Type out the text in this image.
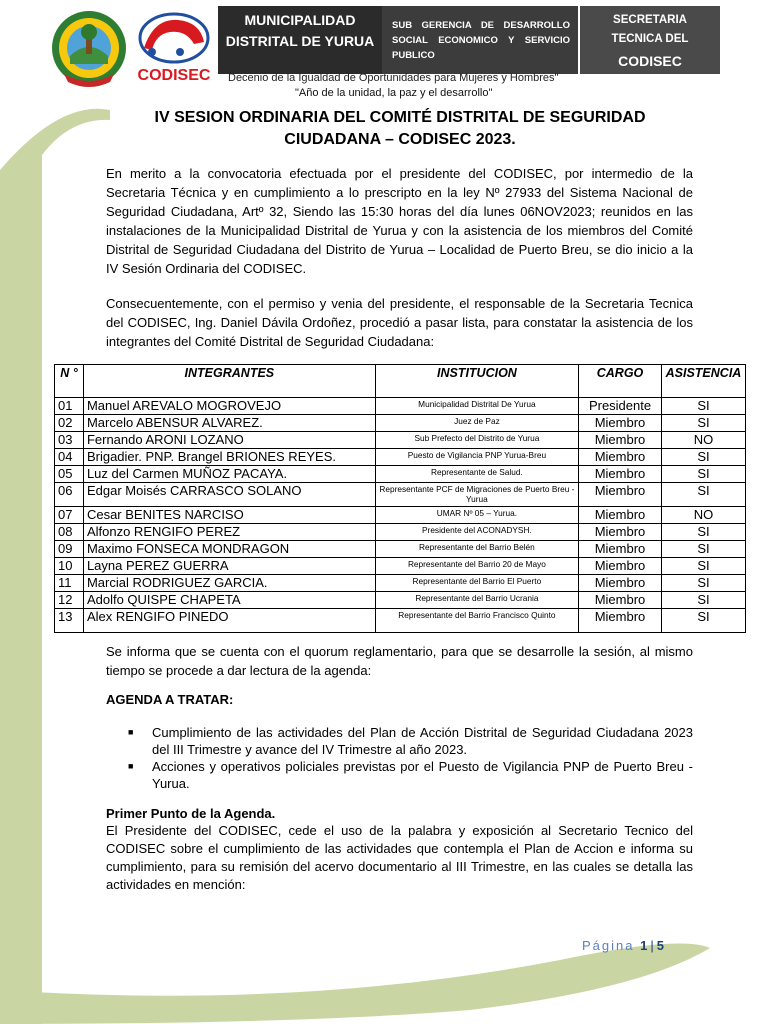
CODISEC
MUNICIPALIDAD DISTRITAL DE YURUA
SUB GERENCIA DE DESARROLLO SOCIAL ECONOMICO Y SERVICIO PUBLICO
SECRETARIA
TECNICA DEL
CODISEC
Decenio de la Igualdad de Oportunidades para Mujeres y Hombres"
"Año de la unidad, la paz y el desarrollo"
IV SESION ORDINARIA DEL COMITÉ DISTRITAL DE SEGURIDAD CIUDADANA – CODISEC 2023.
En merito a la convocatoria efectuada por el presidente del CODISEC, por intermedio de la Secretaria Técnica y en cumplimiento a lo prescripto en la ley Nº 27933 del Sistema Nacional de Seguridad Ciudadana, Artº 32, Siendo las 15:30 horas del día lunes 06NOV2023; reunidos en las instalaciones de la Municipalidad Distrital de Yurua y con la asistencia de los miembros del Comité Distrital de Seguridad Ciudadana del Distrito de Yurua – Localidad de Puerto Breu, se dio inicio a la IV Sesión Ordinaria del CODISEC.
Consecuentemente, con el permiso y venia del presidente, el responsable de la Secretaria Tecnica del CODISEC, Ing. Daniel Dávila Ordoñez, procedió a pasar lista, para constatar la asistencia de los integrantes del Comité Distrital de Seguridad Ciudadana:
N °	INTEGRANTES	INSTITUCION	CARGO	ASISTENCIA
01	Manuel AREVALO MOGROVEJO	Municipalidad Distrital De Yurua	Presidente	SI
02	Marcelo ABENSUR ALVAREZ.	Juez de Paz	Miembro	SI
03	Fernando ARONI LOZANO	Sub Prefecto del Distrito de Yurua	Miembro	NO
04	Brigadier. PNP. Brangel BRIONES REYES.	Puesto de Vigilancia PNP Yurua-Breu	Miembro	SI
05	Luz del Carmen MUÑOZ PACAYA.	Representante de Salud.	Miembro	SI
06	Edgar Moisés CARRASCO SOLANO	Representante PCF de Migraciones de Puerto Breu - Yurua	Miembro	SI
07	Cesar BENITES NARCISO	UMAR Nº 05 – Yurua.	Miembro	NO
08	Alfonzo RENGIFO PEREZ	Presidente del ACONADYSH.	Miembro	SI
09	Maximo FONSECA MONDRAGON	Representante del Barrio Belén	Miembro	SI
10	Layna PEREZ GUERRA	Representante del Barrio 20 de Mayo	Miembro	SI
11	Marcial RODRIGUEZ GARCIA.	Representante del Barrio El Puerto	Miembro	SI
12	Adolfo QUISPE CHAPETA	Representante del Barrio Ucrania	Miembro	SI
13	Alex RENGIFO PINEDO	Representante del Barrio Francisco Quinto	Miembro	SI
Se informa que se cuenta con el quorum reglamentario, para que se desarrolle la sesión, al mismo tiempo se procede a dar lectura de la agenda:
AGENDA A TRATAR:
■ Cumplimiento de las actividades del Plan de Acción Distrital de Seguridad Ciudadana 2023 del III Trimestre y avance del IV Trimestre al año 2023.
■ Acciones y operativos policiales previstas por el Puesto de Vigilancia PNP de Puerto Breu - Yurua.
Primer Punto de la Agenda.
El Presidente del CODISEC, cede el uso de la palabra y exposición al Secretario Tecnico del CODISEC sobre el cumplimiento de las actividades que contempla el Plan de Accion e informa su cumplimiento, para su remisión del acervo documentario al III Trimestre, en las cuales se detalla las actividades en mención:
Página 1 | 5
